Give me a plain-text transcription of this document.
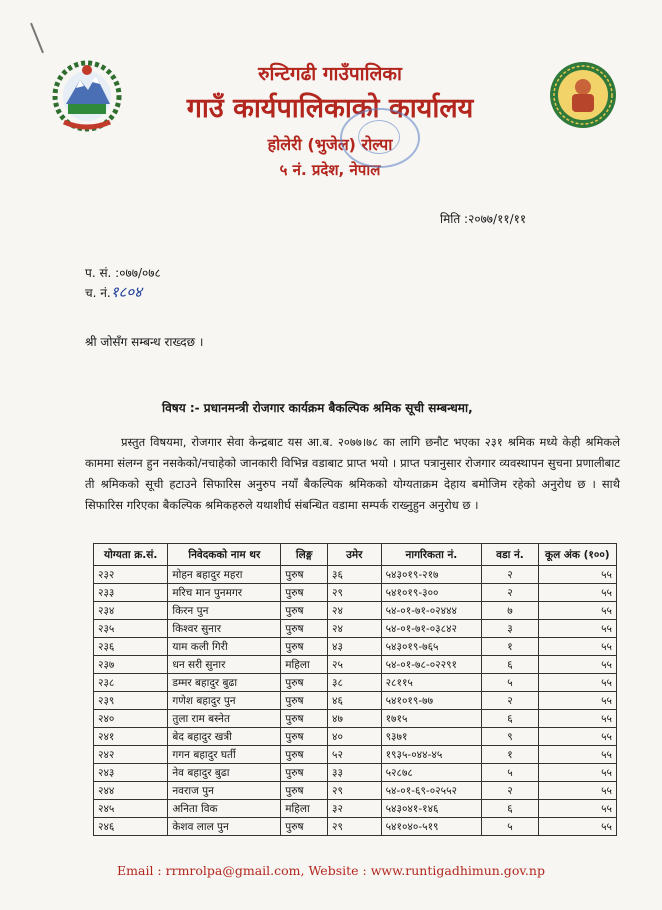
रुन्टिगढी गाउँपालिका
गाउँ कार्यपालिकाको कार्यालय
होलेरी (भुजेल) रोल्पा
५ नं. प्रदेश, नेपाल
मिति :२०७७/११/११
प. सं. :०७७/०७८
च. नं.१८०४
श्री जोसँग सम्बन्ध राख्दछ ।
विषय :- प्रधानमन्त्री रोजगार कार्यक्रम बैकल्पिक श्रमिक सूची सम्बन्धमा,
प्रस्तुत विषयमा, रोजगार सेवा केन्द्रबाट यस आ.ब. २०७७।७८ का लागि छनौट भएका २३१ श्रमिक मध्ये केही श्रमिकले काममा संलग्न हुन नसकेको/नचाहेको जानकारी विभिन्न वडाबाट प्राप्त भयो । प्राप्त पत्रानुसार रोजगार व्यवस्थापन सुचना प्रणालीबाट ती श्रमिकको सूची हटाउने सिफारिस अनुरुप नयाँ बैकल्पिक श्रमिकको योग्यताक्रम देहाय बमोजिम रहेको अनुरोध छ । साथै सिफारिस गरिएका बैकल्पिक श्रमिकहरुले यथाशीर्घ संबन्धित वडामा सम्पर्क राख्नुहुन अनुरोध छ ।
योग्यता क्र.सं.	निवेदकको नाम थर	लिङ्ग	उमेर	नागरिकता नं.	वडा नं.	कूल अंक (१००)
२३२	मोहन बहादुर महरा	पुरुष	३६	५४३०१९-२१७	२	५५
२३३	मरिच मान पुनमगर	पुरुष	२९	५४१०१९-३००	२	५५
२३४	किरन पुन	पुरुष	२४	५४-०१-७१-०२४४४	७	५५
२३५	किश्वर सुनार	पुरुष	२४	५४-०१-७१-०३८४२	३	५५
२३६	याम कली गिरी	पुरुष	४३	५४३०१९-७६५	१	५५
२३७	धन सरी सुनार	महिला	२५	५४-०१-७८-०२२९१	६	५५
२३८	डम्मर बहादुर बुढा	पुरुष	३८	२८११५	५	५५
२३९	गणेश बहादुर पुन	पुरुष	४६	५४१०१९-७७	२	५५
२४०	तुला राम बस्नेत	पुरुष	४७	१७१५	६	५५
२४१	बेद बहादुर खत्री	पुरुष	४०	९३७१	९	५५
२४२	गगन बहादुर घर्ती	पुरुष	५२	१९३५-०४४-४५	१	५५
२४३	नेव बहादुर बुढा	पुरुष	३३	५२८७८	५	५५
२४४	नवराज पुन	पुरुष	२९	५४-०१-६९-०२५५२	२	५५
२४५	अनिता विक	महिला	३२	५४३०४१-१४६	६	५५
२४६	केशव लाल पुन	पुरुष	२९	५४१०४०-५१९	५	५५
Email : rrmrolpa@gmail.com, Website : www.runtigadhimun.gov.np
